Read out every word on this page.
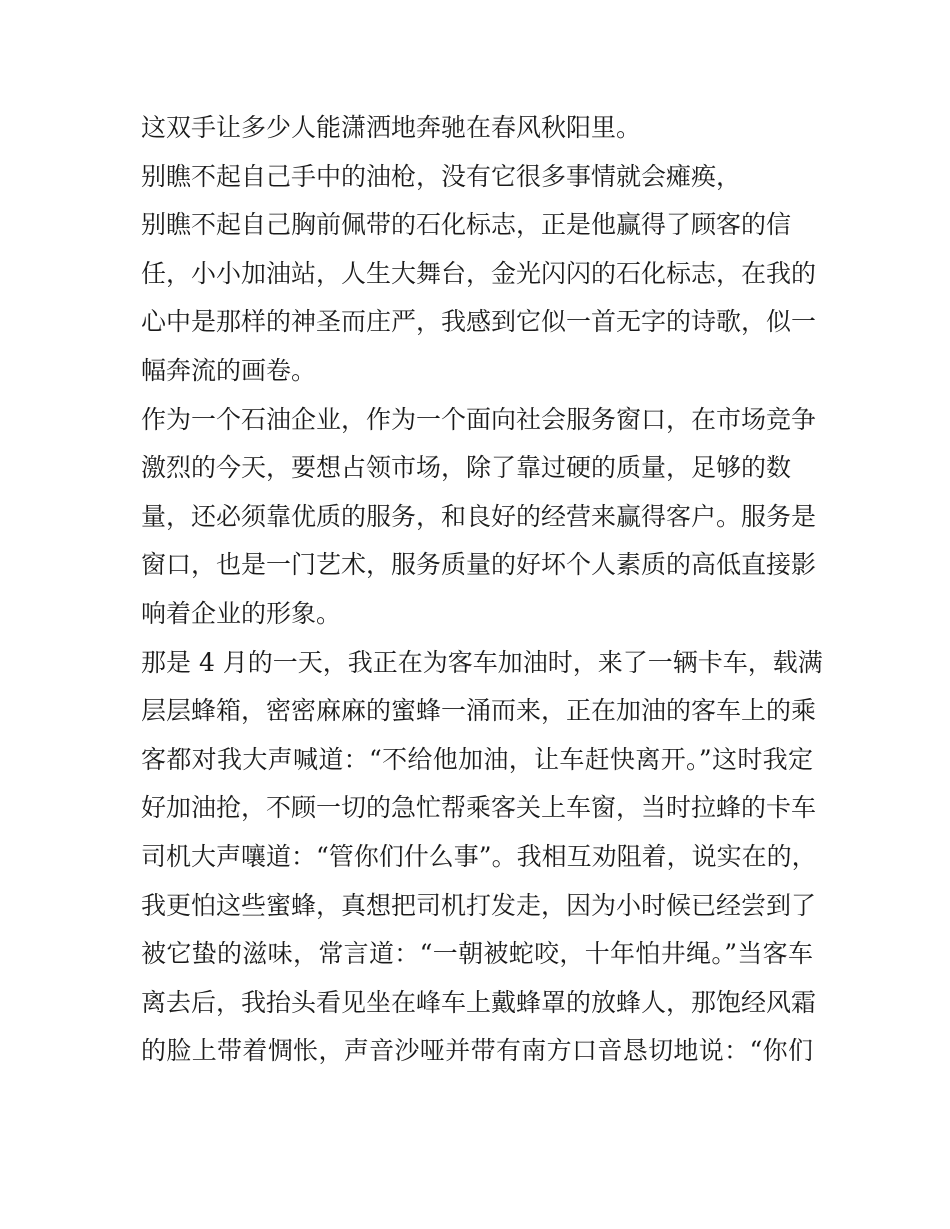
这双手让多少人能潇洒地奔驰在春风秋阳里。
别瞧不起自己手中的油枪，没有它很多事情就会瘫痪，
别瞧不起自己胸前佩带的石化标志，正是他赢得了顾客的信
任，小小加油站，人生大舞台，金光闪闪的石化标志，在我的
心中是那样的神圣而庄严，我感到它似一首无字的诗歌，似一
幅奔流的画卷。
作为一个石油企业，作为一个面向社会服务窗口，在市场竞争
激烈的今天，要想占领市场，除了靠过硬的质量，足够的数
量，还必须靠优质的服务，和良好的经营来赢得客户。服务是
窗口，也是一门艺术，服务质量的好坏个人素质的高低直接影
响着企业的形象。
那是 4 月的一天，我正在为客车加油时，来了一辆卡车，载满
层层蜂箱，密密麻麻的蜜蜂一涌而来，正在加油的客车上的乘
客都对我大声喊道：“不给他加油，让车赶快离开。”这时我定
好加油抢，不顾一切的急忙帮乘客关上车窗，当时拉蜂的卡车
司机大声嚷道：“管你们什么事”。我相互劝阻着，说实在的，
我更怕这些蜜蜂，真想把司机打发走，因为小时候已经尝到了
被它蛰的滋味，常言道：“一朝被蛇咬，十年怕井绳。”当客车
离去后，我抬头看见坐在峰车上戴蜂罩的放蜂人，那饱经风霜
的脸上带着惆怅，声音沙哑并带有南方口音恳切地说：“你们
